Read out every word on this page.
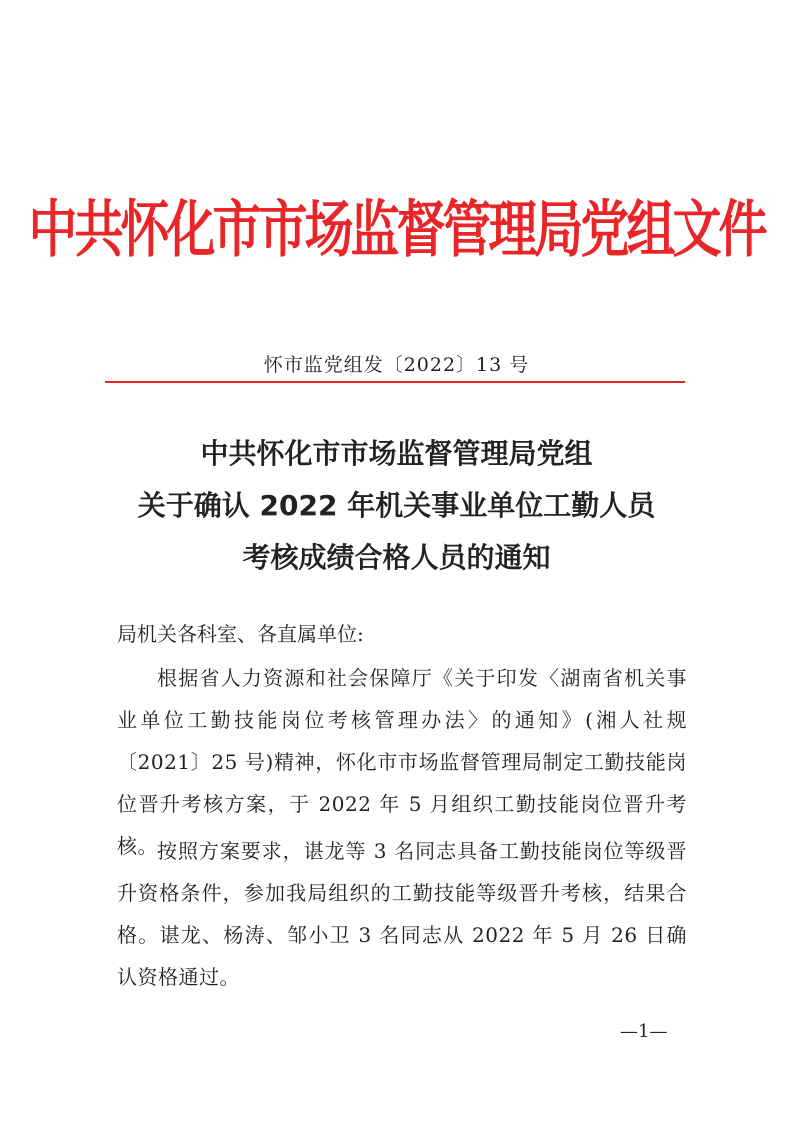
中共怀化市市场监督管理局党组文件
怀市监党组发〔2022〕13 号
中共怀化市市场监督管理局党组
关于确认 2022 年机关事业单位工勤人员
考核成绩合格人员的通知
局机关各科室、各直属单位:
根据省人力资源和社会保障厅《关于印发〈湖南省机关事业单位工勤技能岗位考核管理办法〉的通知》(湘人社规〔2021〕25 号)精神，怀化市市场监督管理局制定工勤技能岗位晋升考核方案，于 2022 年 5 月组织工勤技能岗位晋升考核。 按照方案要求，谌龙等 3 名同志具备工勤技能岗位等级晋升资格条件，参加我局组织的工勤技能等级晋升考核，结果合格。谌龙、杨涛、邹小卫 3 名同志从 2022 年 5 月 26 日确认资格通过。
—1—
